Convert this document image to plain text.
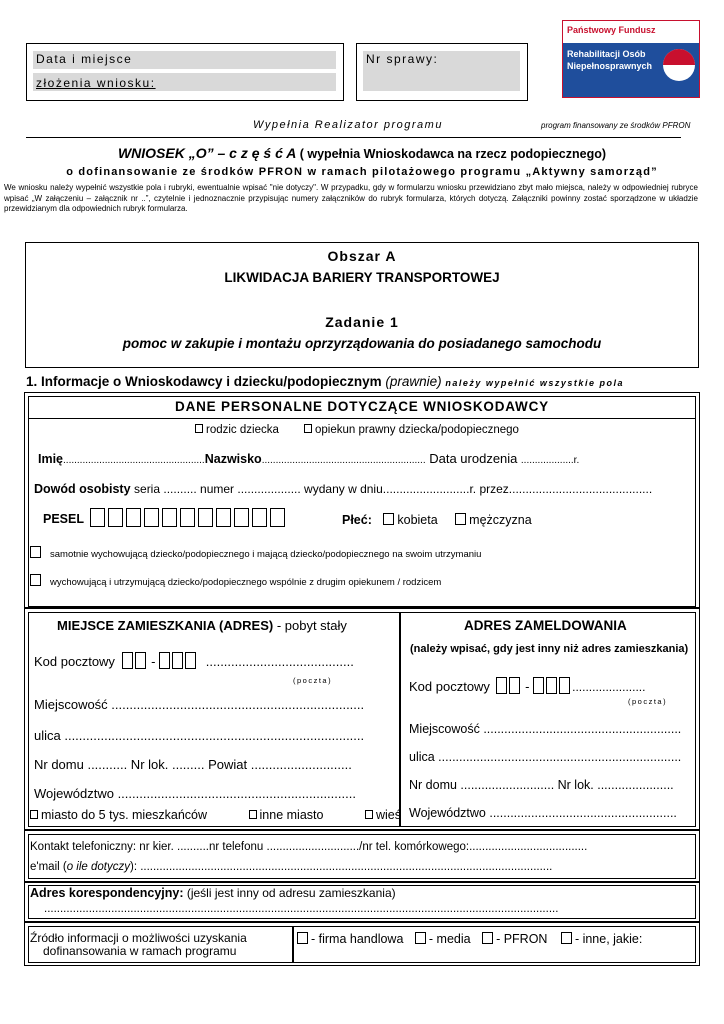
Data i miejsce
złożenia wniosku:
Nr sprawy:
Państwowy Fundusz
Rehabilitacji Osób
Niepełnosprawnych
Wypełnia Realizator programu	program finansowany ze środków PFRON
WNIOSEK „O” – c z ę ś ć A ( wypełnia Wnioskodawca na rzecz podopiecznego)
o dofinansowanie ze środków PFRON w ramach pilotażowego programu „Aktywny samorząd”
We wniosku należy wypełnić wszystkie pola i rubryki, ewentualnie wpisać "nie dotyczy". W przypadku, gdy w formularzu wniosku przewidziano zbyt mało miejsca, należy w odpowiedniej rubryce wpisać „W załączeniu – załącznik nr ..”, czytelnie i jednoznacznie przypisując numery załączników do rubryk formularza, których dotyczą. Załączniki powinny zostać sporządzone w układzie przewidzianym dla odpowiednich rubryk formularza.
Obszar A
LIKWIDACJA BARIERY TRANSPORTOWEJ
Zadanie 1
pomoc w zakupie i montażu oprzyrządowania do posiadanego samochodu
1. Informacje o Wnioskodawcy i dziecku/podopiecznym (prawnie) należy wypełnić wszystkie pola
DANE PERSONALNE DOTYCZĄCE WNIOSKODAWCY
rodzic dziecka	opiekun prawny dziecka/podopiecznego
Imię...................................................Nazwisko........................................................... Data urodzenia ...................r.
Dowód osobisty seria .......... numer ................... wydany w dniu..........................r. przez...........................................
PESEL	Płeć: kobieta	mężczyzna
samotnie wychowującą dziecko/podopiecznego i mającą dziecko/podopiecznego na swoim utrzymaniu
wychowującą i utrzymującą dziecko/podopiecznego wspólnie z drugim opiekunem / rodzicem
MIEJSCE ZAMIESZKANIA (ADRES) - pobyt stały
Kod pocztowy	-	.........................................
(poczta)
Miejscowość ......................................................................
ulica ...................................................................................
Nr domu ........... Nr lok. ......... Powiat ............................
Województwo ..................................................................
miasto do 5 tys. mieszkańców	inne miasto	wieś
ADRES ZAMELDOWANIA
(należy wpisać, gdy jest inny niż adres zamieszkania)
Kod pocztowy  -	......................
(poczta)
Miejscowość .........................................................
ulica ......................................................................
Nr domu ........................... Nr lok. ......................
Województwo ......................................................
Kontakt telefoniczny: nr kier. ..........nr telefonu ............................./nr tel. komórkowego:.....................................
e'mail (o ile dotyczy): .................................................................................................................................
Adres korespondencyjny: (jeśli jest inny od adresu zamieszkania)
.................................................................................................................................................................
Źródło informacji o możliwości uzyskania
dofinansowania w ramach programu
- firma handlowa - media - PFRON - inne, jakie:
